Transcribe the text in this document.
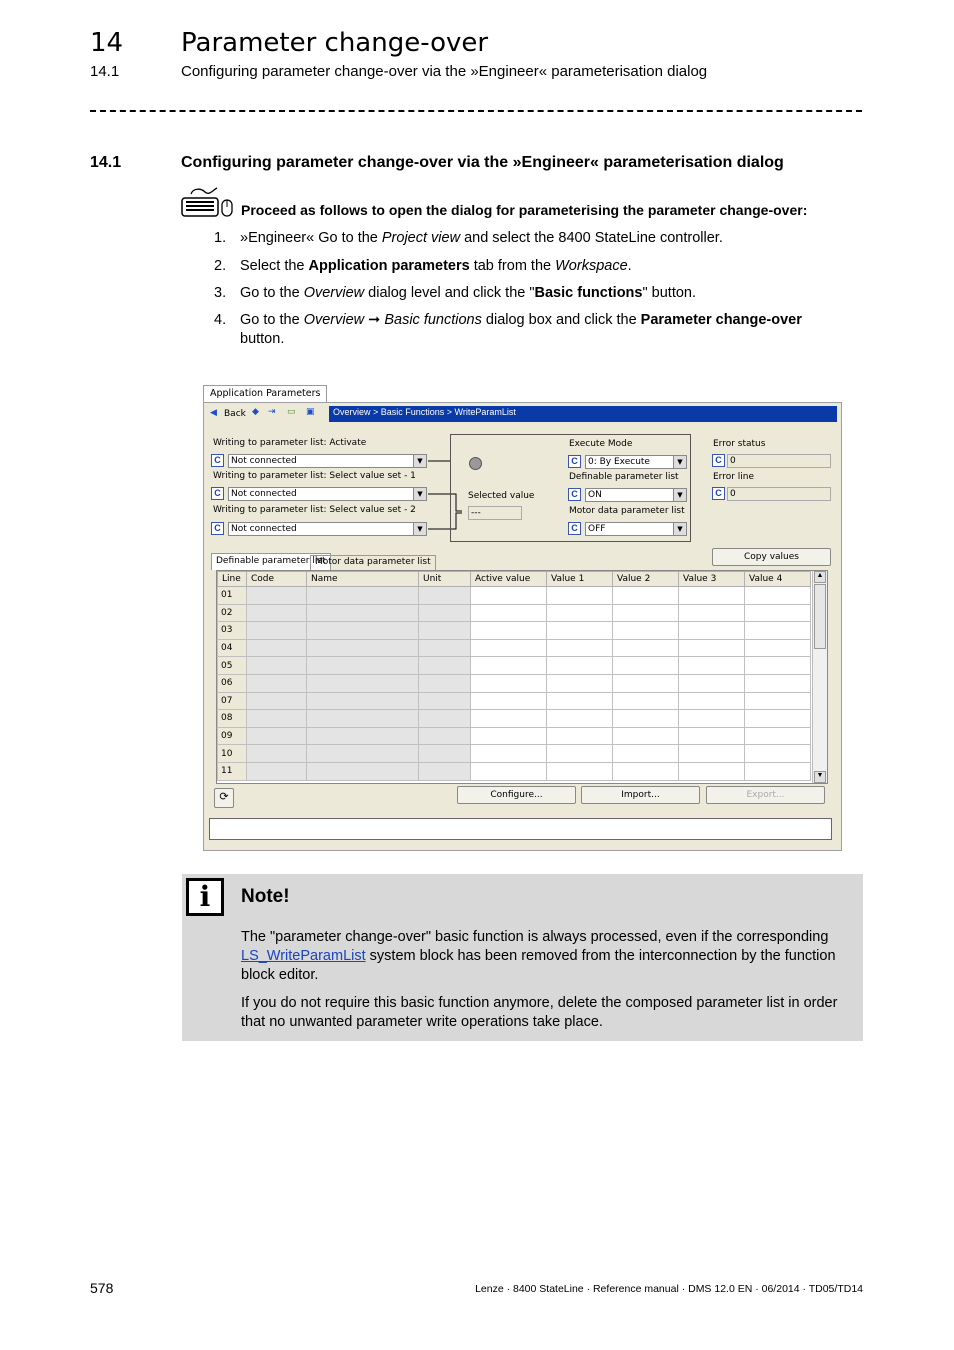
14 Parameter change-over
14.1	Configuring parameter change-over via the »Engineer« parameterisation dialog
14.1	Configuring parameter change-over via the »Engineer« parameterisation dialog
Proceed as follows to open the dialog for parameterising the parameter change-over:
1. »Engineer« Go to the Project view and select the 8400 StateLine controller.
2. Select the Application parameters tab from the Workspace.
3. Go to the Overview dialog level and click the "Basic functions" button.
4. Go to the Overview ➞ Basic functions dialog box and click the Parameter change-over button.
Application Parameters
◀ Back ◆ ⇥ ▭ ▣	Overview > Basic Functions > WriteParamList
Writing to parameter list: Activate
C	Not connected	▼
Writing to parameter list: Select value set - 1
C	Not connected	▼
Writing to parameter list: Select value set - 2
C	Not connected	▼
Selected value
---
Execute Mode
C	0: By Execute	▼
Definable parameter list
C	ON	▼
Motor data parameter list
C	OFF	▼
Error status
C 0
Error line
C 0
Definable parameter list
Motor data parameter list	Copy values
Line	Code	Name	Unit	Active value	Value 1	Value 2	Value 3	Value 4
01								
02								
03								
04								
05								
06								
07								
08								
09								
10								
11								
▲
▼
⟳	Configure...	Import...	Export...
i	Note!
The "parameter change-over" basic function is always processed, even if the corresponding LS_WriteParamList system block has been removed from the interconnection by the function block editor.
If you do not require this basic function anymore, delete the composed parameter list in order that no unwanted parameter write operations take place.
578	Lenze · 8400 StateLine · Reference manual · DMS 12.0 EN · 06/2014 · TD05/TD14
